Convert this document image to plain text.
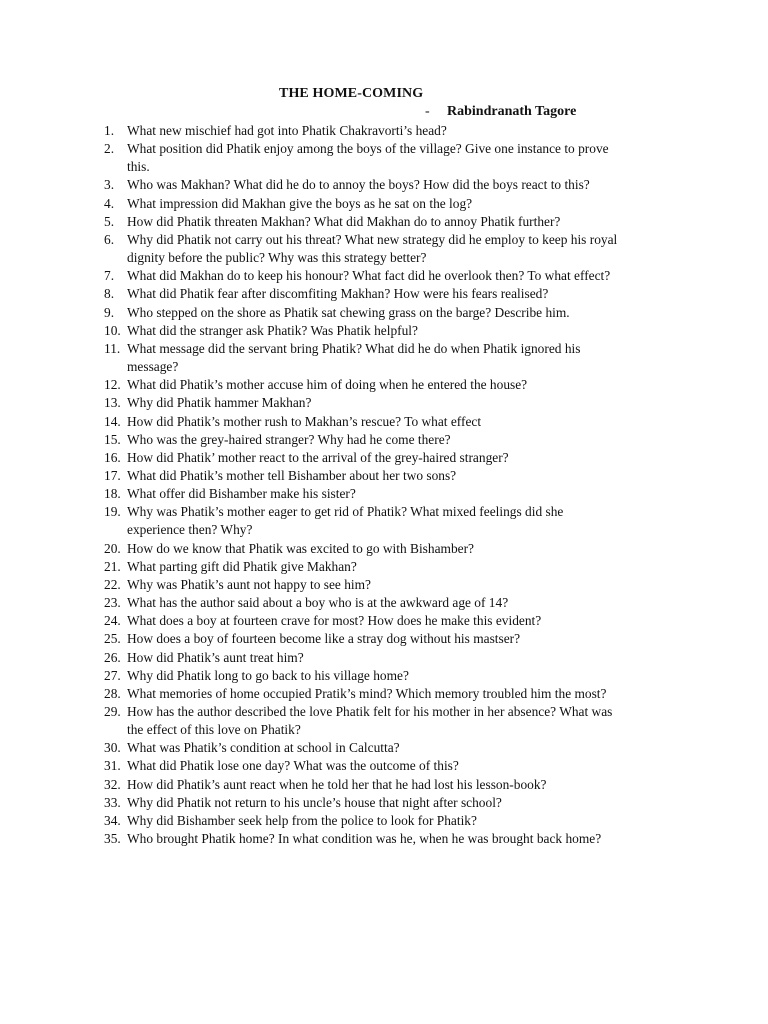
THE HOME-COMING
- Rabindranath Tagore
1. What new mischief had got into Phatik Chakravorti’s head?
2. What position did Phatik enjoy among the boys of the village? Give one instance to prove this.
3. Who was Makhan? What did he do to annoy the boys? How did the boys react to this?
4. What impression did Makhan give the boys as he sat on the log?
5. How did Phatik threaten Makhan? What did Makhan do to annoy Phatik further?
6. Why did Phatik not carry out his threat? What new strategy did he employ to keep his royal dignity before the public? Why was this strategy better?
7. What did Makhan do to keep his honour? What fact did he overlook then? To what effect?
8. What did Phatik fear after discomfiting Makhan? How were his fears realised?
9. Who stepped on the shore as Phatik sat chewing grass on the barge? Describe him.
10. What did the stranger ask Phatik? Was Phatik helpful?
11. What message did the servant bring Phatik? What did he do when Phatik ignored his message?
12. What did Phatik’s mother accuse him of doing when he entered the house?
13. Why did Phatik hammer Makhan?
14. How did Phatik’s mother rush to Makhan’s rescue? To what effect
15. Who was the grey-haired stranger? Why had he come there?
16. How did Phatik’ mother react to the arrival of the grey-haired stranger?
17. What did Phatik’s mother tell Bishamber about her two sons?
18. What offer did Bishamber make his sister?
19. Why was Phatik’s mother eager to get rid of Phatik? What mixed feelings did she experience then? Why?
20. How do we know that Phatik was excited to go with Bishamber?
21. What parting gift did Phatik give Makhan?
22. Why was Phatik’s aunt not happy to see him?
23. What has the author said about a boy who is at the awkward age of 14?
24. What does a boy at fourteen crave for most? How does he make this evident?
25. How does a boy of fourteen become like a stray dog without his mastser?
26. How did Phatik’s aunt treat him?
27. Why did Phatik long to go back to his village home?
28. What memories of home occupied Pratik’s mind? Which memory troubled him the most?
29. How has the author described the love Phatik felt for his mother in her absence? What was the effect of this love on Phatik?
30. What was Phatik’s condition at school in Calcutta?
31. What did Phatik lose one day? What was the outcome of this?
32. How did Phatik’s aunt react when he told her that he had lost his lesson-book?
33. Why did Phatik not return to his uncle’s house that night after school?
34. Why did Bishamber seek help from the police to look for Phatik?
35. Who brought Phatik home? In what condition was he, when he was brought back home?
